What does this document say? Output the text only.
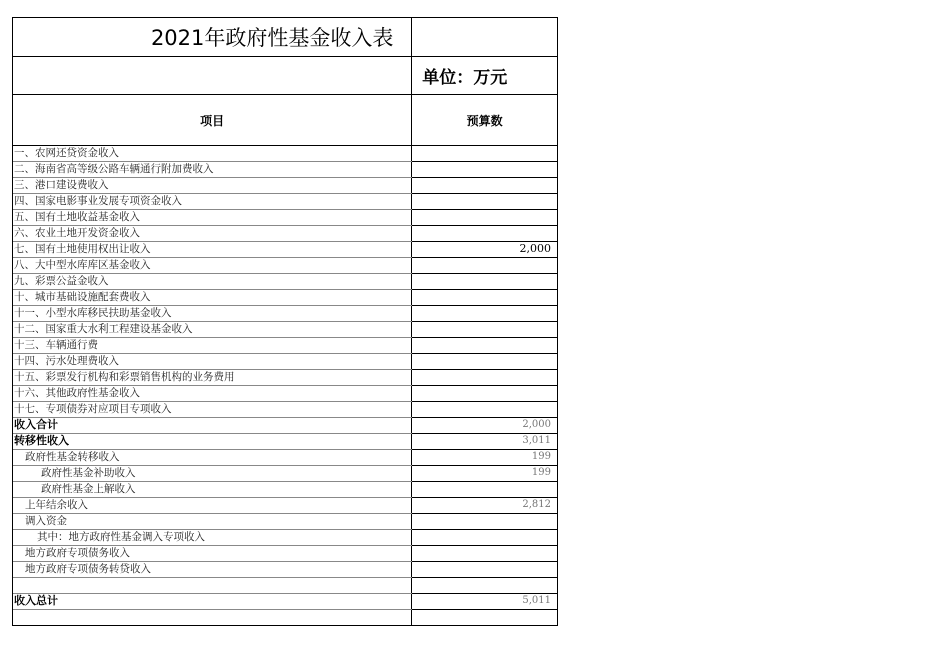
2021年政府性基金收入表
单位：万元
项目	预算数
一、农网还贷资金收入
二、海南省高等级公路车辆通行附加费收入
三、港口建设费收入
四、国家电影事业发展专项资金收入
五、国有土地收益基金收入
六、农业土地开发资金收入
七、国有土地使用权出让收入	2,000
八、大中型水库库区基金收入
九、彩票公益金收入
十、城市基础设施配套费收入
十一、小型水库移民扶助基金收入
十二、国家重大水利工程建设基金收入
十三、车辆通行费
十四、污水处理费收入
十五、彩票发行机构和彩票销售机构的业务费用
十六、其他政府性基金收入
十七、专项债券对应项目专项收入
收入合计	2,000
转移性收入	3,011
政府性基金转移收入	199
政府性基金补助收入	199
政府性基金上解收入
上年结余收入	2,812
调入资金
其中：地方政府性基金调入专项收入
地方政府专项债务收入
地方政府专项债务转贷收入
收入总计	5,011
